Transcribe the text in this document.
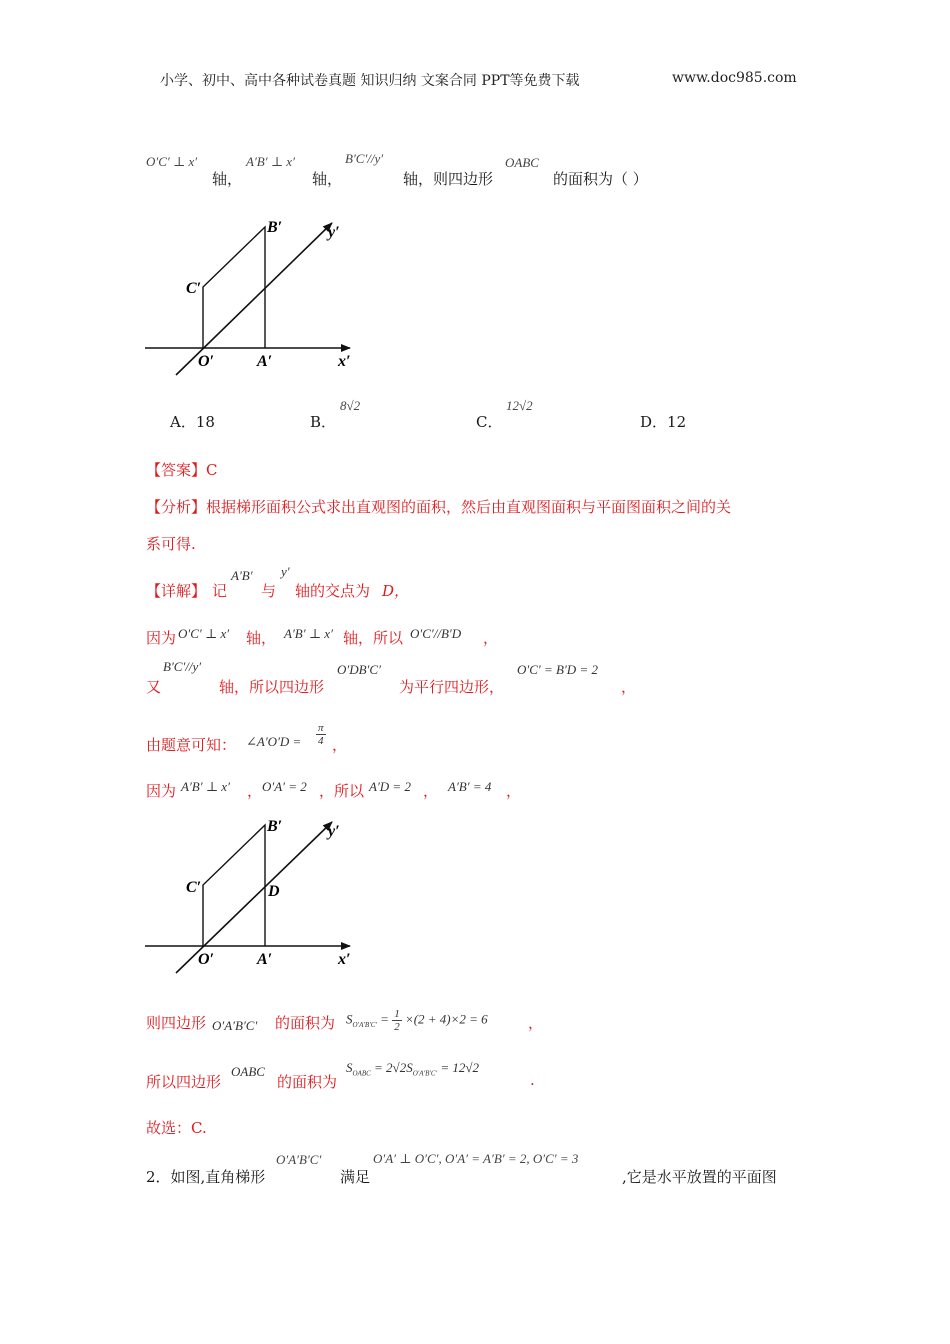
小学、初中、高中各种试卷真题 知识归纳 文案合同 PPT等免费下载	www.doc985.com
O′C′ ⊥ x′
轴，
A′B′ ⊥ x′
轴，
B′C′//y′
轴，则四边形
OABC
的面积为（ ）
B′
C′
O′	A′	x′
y′
A．18	B．
8√2
C．
12√2
D．12
【答案】C
【分析】根据梯形面积公式求出直观图的面积，然后由直观图面积与平面图面积之间的关
系可得.
【详解】 记
A′B′
与
y′
轴的交点为 D，
因为 O′C′ ⊥ x′ 轴， A′B′ ⊥ x′ 轴，所以 O′C′//B′D ，
又
B′C′//y′
轴，所以四边形
O′DB′C′
为平行四边形，
O′C′ = B′D = 2
，
由题意可知： ∠A′O′D = $\frac{\pi}{4}$ ，
因为 A′B′ ⊥ x′ ， O′A′ = 2 ，所以 A′D = 2 ， A′B′ = 4 ，
B′
C′	D
O′	A′	x′
y′
则四边形 O′A′B′C′ 的面积为 $S_{O'A'B'C'} = \frac{1}{2} \times(2 + 4)\times 2 = 6$	，
所以四边形
OABC
的面积为
$S_{OABC} = 2√2S_{O'A'B'C'} = 12√2$
.
故选：C.
2．如图,直角梯形
O′A′B′C′
满足
O′A′ ⊥ O′C′, O′A′ = A′B′ = 2, O′C′ = 3
,它是水平放置的平面图
